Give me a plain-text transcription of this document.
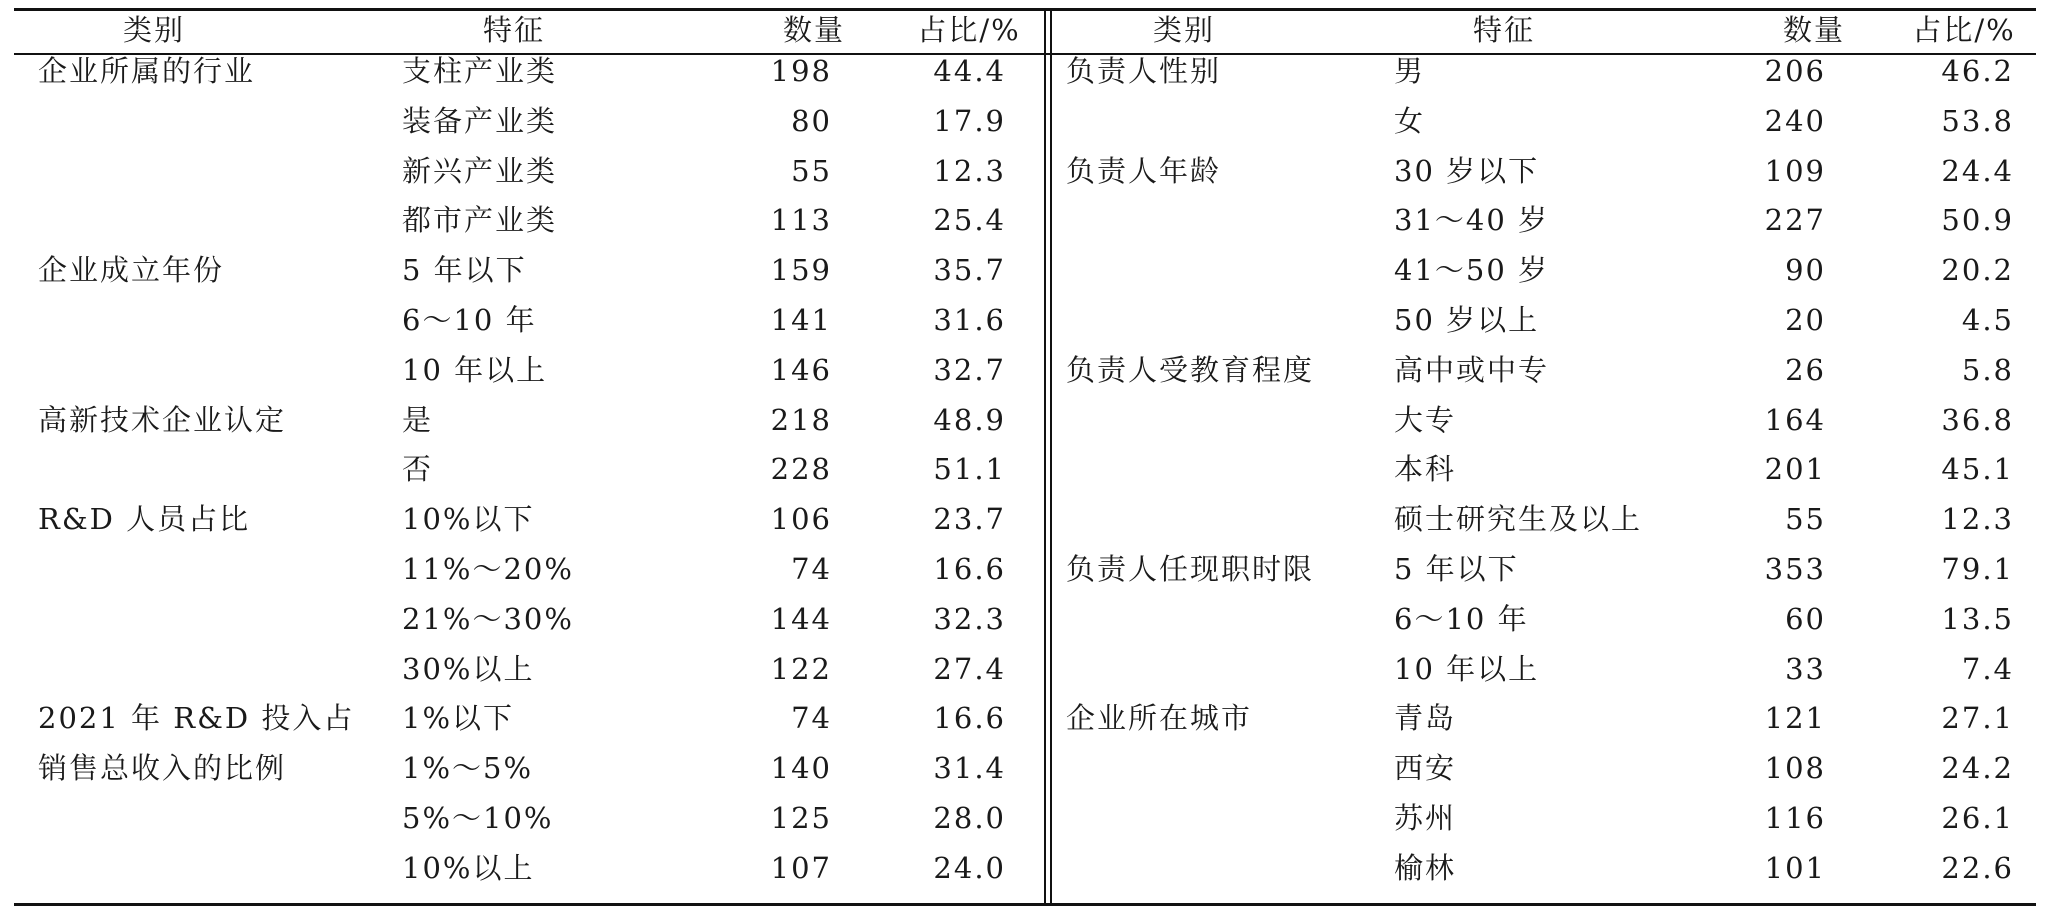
类别	特征	数量	占比/%	类别	特征	数量	占比/%
企业所属的行业	支柱产业类	198	44.4
装备产业类	80	17.9
新兴产业类	55	12.3
都市产业类	113	25.4
企业成立年份	5 年以下	159	35.7
6～10 年	141	31.6
10 年以上	146	32.7
高新技术企业认定	是	218	48.9
否	228	51.1
R&D 人员占比	10%以下	106	23.7
11%～20%	74	16.6
21%～30%	144	32.3
30%以上	122	27.4
2021 年 R&D 投入占	1%以下	74	16.6
销售总收入的比例	1%～5%	140	31.4
5%～10%	125	28.0
10%以上	107	24.0
负责人性别	男	206	46.2
女	240	53.8
负责人年龄	30 岁以下	109	24.4
31～40 岁	227	50.9
41～50 岁	90	20.2
50 岁以上	20	4.5
负责人受教育程度	高中或中专	26	5.8
大专	164	36.8
本科	201	45.1
硕士研究生及以上	55	12.3
负责人任现职时限	5 年以下	353	79.1
6～10 年	60	13.5
10 年以上	33	7.4
企业所在城市	青岛	121	27.1
西安	108	24.2
苏州	116	26.1
榆林	101	22.6
